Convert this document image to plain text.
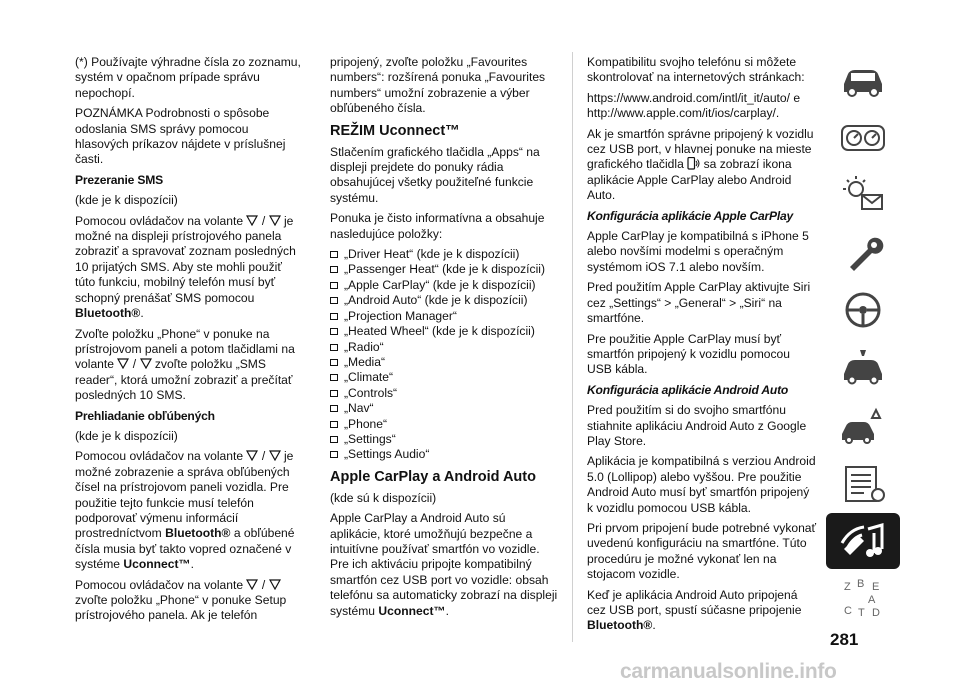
(*) Používajte výhradne čísla zo zoznamu, systém v opačnom prípade správu nepochopí.

POZNÁMKA Podrobnosti o spôsobe odoslania SMS správy pomocou hlasových príkazov nájdete v príslušnej časti.

Prezeranie SMS

(kde je k dispozícii)

Pomocou ovládačov na volante / je možné na displeji prístrojového panela zobraziť a spravovať zoznam posledných 10 prijatých SMS. Aby ste mohli použiť túto funkciu, mobilný telefón musí byť schopný prenášať SMS pomocou Bluetooth®.

Zvoľte položku „Phone“ v ponuke na prístrojovom paneli a potom tlačidlami na volante / zvoľte položku „SMS reader“, ktorá umožní zobraziť a prečítať posledných 10 SMS.

Prehliadanie obľúbených

(kde je k dispozícii)

Pomocou ovládačov na volante / je možné zobrazenie a správa obľúbených čísel na prístrojovom paneli vozidla. Pre použitie tejto funkcie musí telefón podporovať výmenu informácií prostredníctvom Bluetooth® a obľúbené čísla musia byť takto vopred označené v systéme Uconnect™.

Pomocou ovládačov na volante /
zvoľte položku „Phone“ v ponuke Setup prístrojového panela. Ak je telefón

pripojený, zvoľte položku „Favourites numbers“: rozšírená ponuka „Favourites numbers“ umožní zobrazenie a výber obľúbeného čísla.

REŽIM Uconnect™

Stlačením grafického tlačidla „Apps“ na displeji prejdete do ponuky rádia obsahujúcej všetky použiteľné funkcie systému.

Ponuka je čisto informatívna a obsahuje nasledujúce položky:

„Driver Heat“ (kde je k dispozícii)
„Passenger Heat“ (kde je k dispozícii)
„Apple CarPlay“ (kde je k dispozícii)
„Android Auto“ (kde je k dispozícii)
„Projection Manager“
„Heated Wheel“ (kde je k dispozícii)
„Radio“
„Media“
„Climate“
„Controls“
„Nav“
„Phone“
„Settings“
„Settings Audio“

Apple CarPlay a Android Auto

(kde sú k dispozícii)

Apple CarPlay a Android Auto sú aplikácie, ktoré umožňujú bezpečne a intuitívne používať smartfón vo vozidle. Pre ich aktiváciu pripojte kompatibilný smartfón cez USB port vo vozidle: obsah telefónu sa automaticky zobrazí na displeji systému Uconnect™.

Kompatibilitu svojho telefónu si môžete skontrolovať na internetových stránkach:

https://www.android.com/intl/it_it/auto/ e http://www.apple.com/it/ios/carplay/.

Ak je smartfón správne pripojený k vozidlu cez USB port, v hlavnej ponuke na mieste grafického tlačidla sa zobrazí ikona aplikácie Apple CarPlay alebo Android Auto.

Konfigurácia aplikácie Apple CarPlay

Apple CarPlay je kompatibilná s iPhone 5 alebo novšími modelmi s operačným systémom iOS 7.1 alebo novším.

Pred použitím Apple CarPlay aktivujte Siri cez „Settings“ > „General“ > „Siri“ na smartfóne.

Pre použitie Apple CarPlay musí byť smartfón pripojený k vozidlu pomocou USB kábla.

Konfigurácia aplikácie Android Auto

Pred použitím si do svojho smartfónu stiahnite aplikáciu Android Auto z Google Play Store.

Aplikácia je kompatibilná s verziou Android 5.0 (Lollipop) alebo vyššou. Pre použitie Android Auto musí byť smartfón pripojený k vozidlu pomocou USB kábla.

Pri prvom pripojení bude potrebné vykonať uvedenú konfiguráciu na smartfóne. Túto procedúru je možné vykonať len na stojacom vozidle.

Keď je aplikácia Android Auto pripojená cez USB port, spustí súčasne pripojenie Bluetooth®.

Z B E
A
C T D
281
carmanualsonline.info
